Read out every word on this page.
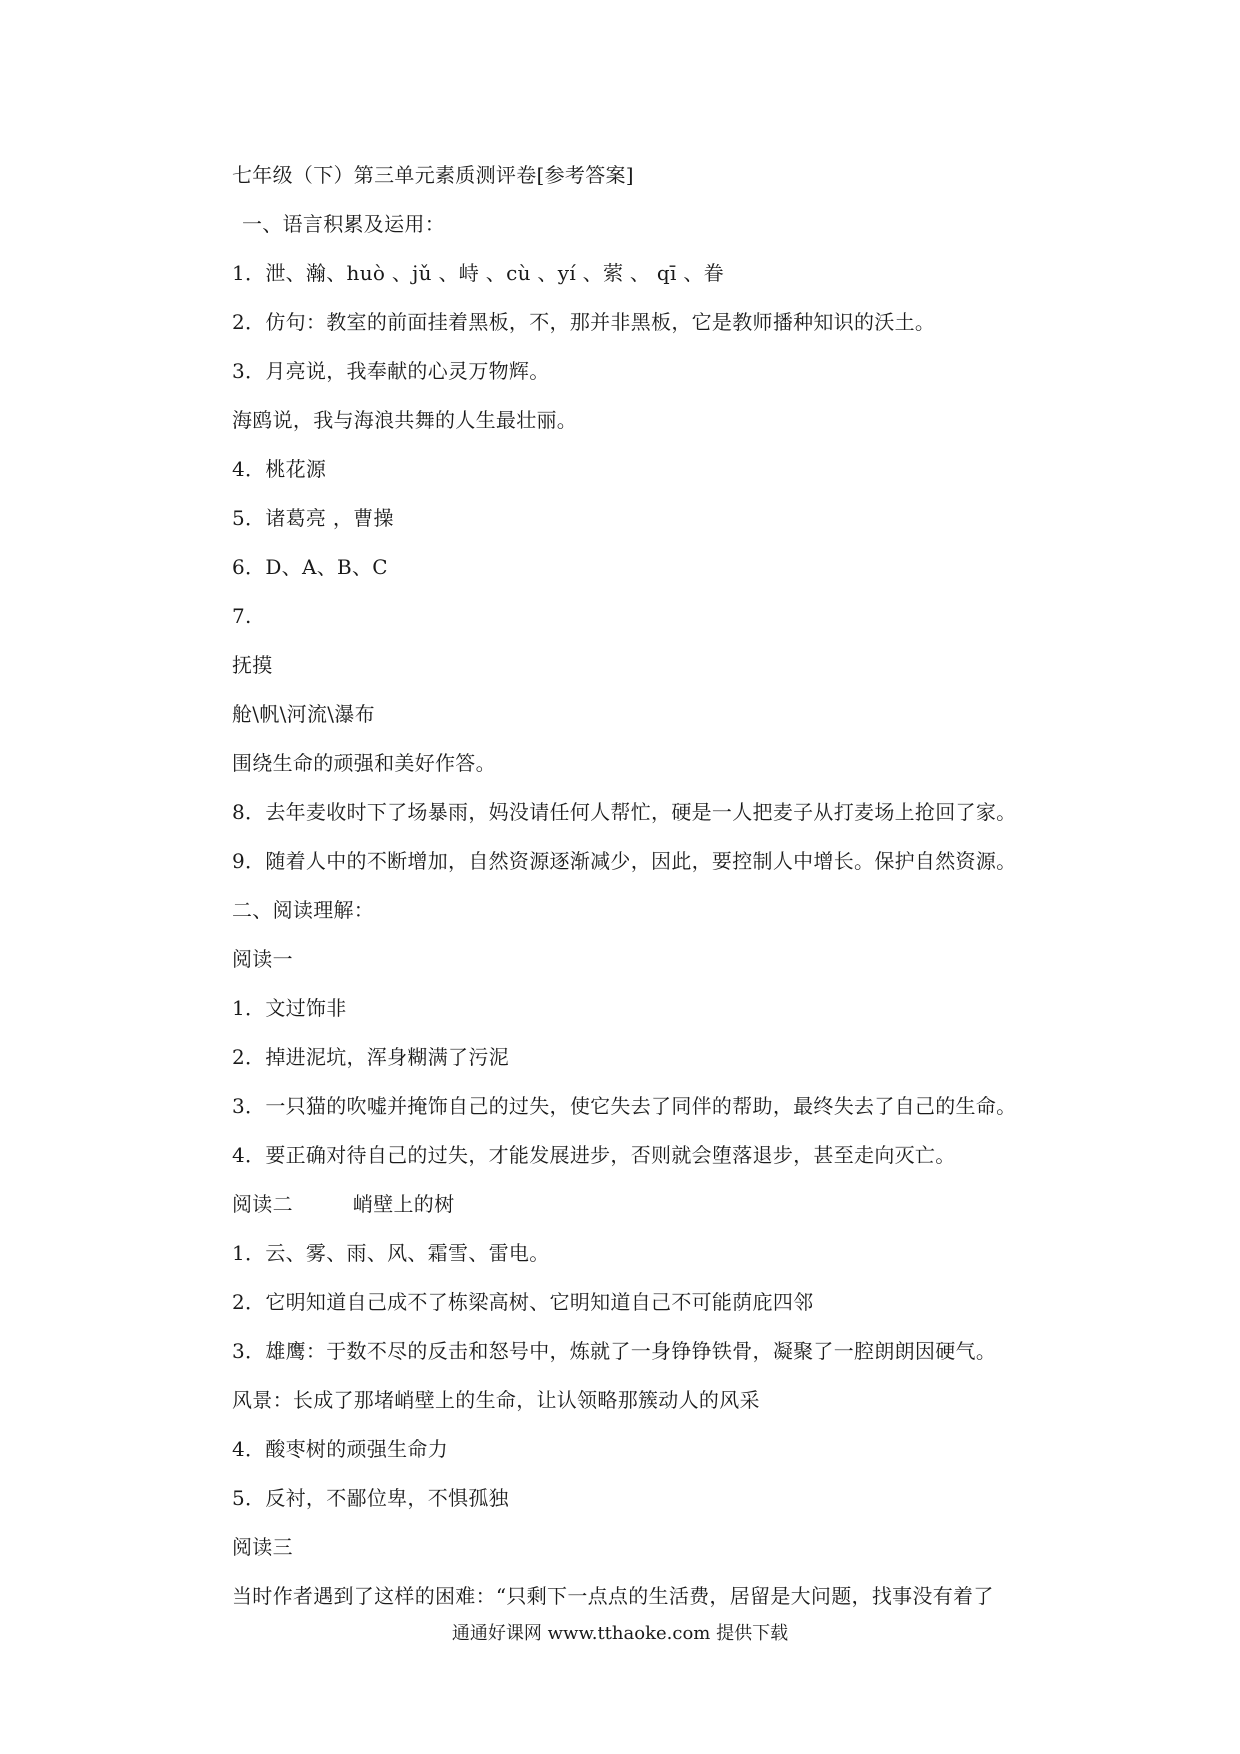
七年级（下）第三单元素质测评卷[参考答案]
一、语言积累及运用：
1．泄、瀚、huò 、jǔ 、峙 、cù 、yí 、萦 、 qī 、眷
2．仿句：教室的前面挂着黑板，不，那并非黑板，它是教师播种知识的沃土。
3．月亮说，我奉献的心灵万物辉。
海鸥说，我与海浪共舞的人生最壮丽。
4．桃花源
5．诸葛亮 ，曹操
6．D、A、B、C
7.
抚摸
舱\帆\河流\瀑布
围绕生命的顽强和美好作答。
8．去年麦收时下了场暴雨，妈没请任何人帮忙，硬是一人把麦子从打麦场上抢回了家。
9．随着人中的不断增加，自然资源逐渐减少，因此，要控制人中增长。保护自然资源。
二、阅读理解：
阅读一
1．文过饰非
2．掉进泥坑，浑身糊满了污泥
3．一只猫的吹嘘并掩饰自己的过失，使它失去了同伴的帮助，最终失去了自己的生命。
4．要正确对待自己的过失，才能发展进步，否则就会堕落退步，甚至走向灭亡。
阅读二	峭壁上的树
1．云、雾、雨、风、霜雪、雷电。
2．它明知道自己成不了栋梁高树、它明知道自己不可能荫庇四邻
3．雄鹰：于数不尽的反击和怒号中，炼就了一身铮铮铁骨，凝聚了一腔朗朗因硬气。
风景：长成了那堵峭壁上的生命，让认领略那簇动人的风采
4．酸枣树的顽强生命力
5．反衬，不鄙位卑，不惧孤独
阅读三
当时作者遇到了这样的困难：“只剩下一点点的生活费，居留是大问题，找事没有着了
通通好课网 www.tthaoke.com 提供下载
